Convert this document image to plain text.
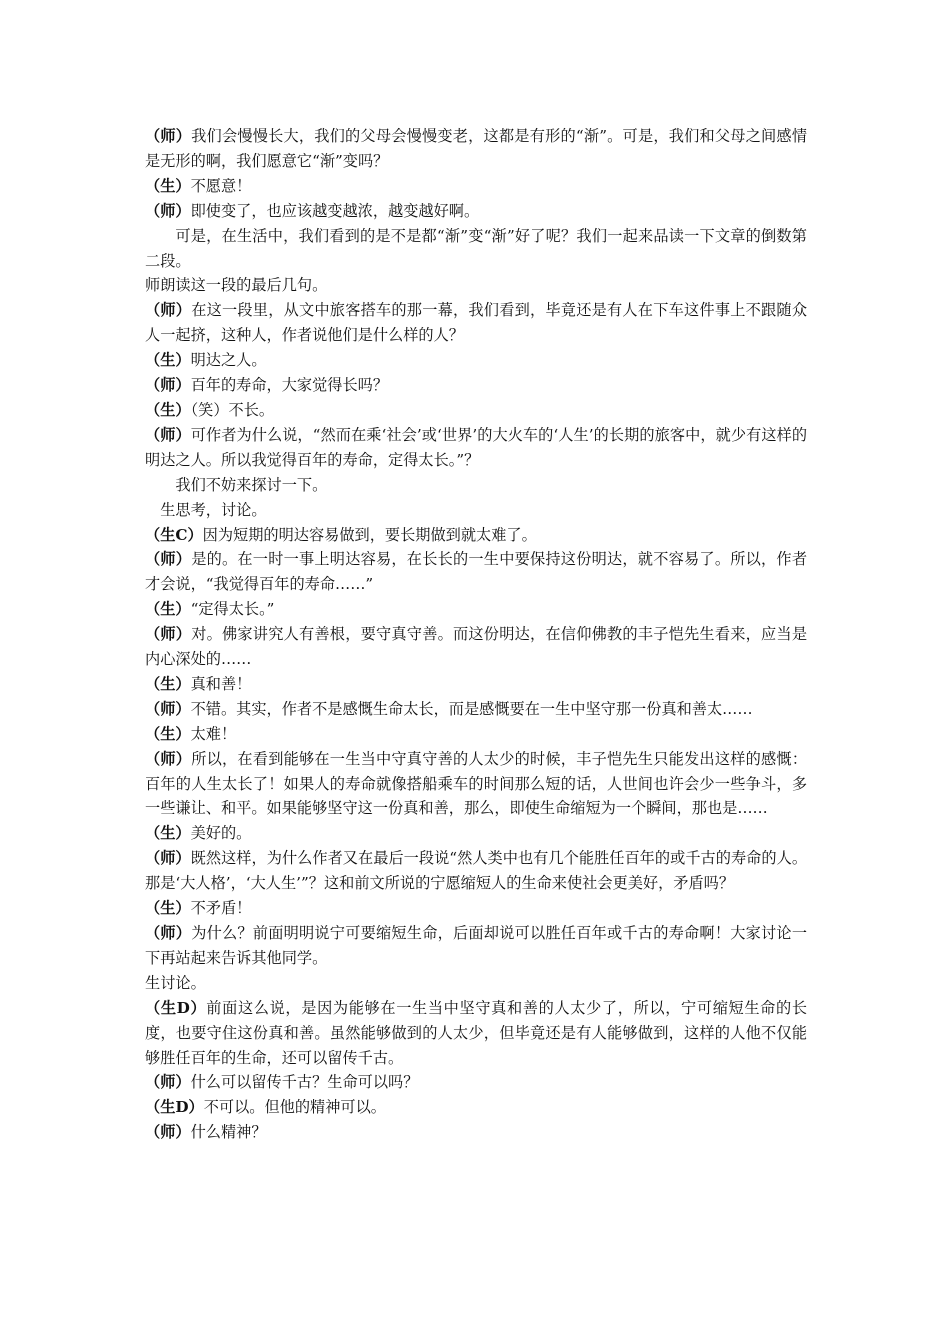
（师）我们会慢慢长大，我们的父母会慢慢变老，这都是有形的“渐”。可是，我们和父母之间感情是无形的啊，我们愿意它“渐”变吗？

（生）不愿意！

（师）即使变了，也应该越变越浓，越变越好啊。

可是，在生活中，我们看到的是不是都“渐”变“渐”好了呢？我们一起来品读一下文章的倒数第二段。

师朗读这一段的最后几句。

（师）在这一段里，从文中旅客搭车的那一幕，我们看到，毕竟还是有人在下车这件事上不跟随众人一起挤，这种人，作者说他们是什么样的人？

（生）明达之人。

（师）百年的寿命，大家觉得长吗？

（生）（笑）不长。

（师）可作者为什么说，“然而在乘‘社会’或‘世界’的大火车的‘人生’的长期的旅客中，就少有这样的明达之人。所以我觉得百年的寿命，定得太长。”？

我们不妨来探讨一下。

生思考，讨论。

（生C）因为短期的明达容易做到，要长期做到就太难了。

（师）是的。在一时一事上明达容易，在长长的一生中要保持这份明达，就不容易了。所以，作者才会说，“我觉得百年的寿命……”

（生）“定得太长。”

（师）对。佛家讲究人有善根，要守真守善。而这份明达，在信仰佛教的丰子恺先生看来，应当是内心深处的……

（生）真和善！

（师）不错。其实，作者不是感慨生命太长，而是感慨要在一生中坚守那一份真和善太……

（生）太难！

（师）所以，在看到能够在一生当中守真守善的人太少的时候，丰子恺先生只能发出这样的感慨：百年的人生太长了！如果人的寿命就像搭船乘车的时间那么短的话，人世间也许会少一些争斗，多一些谦让、和平。如果能够坚守这一份真和善，那么，即使生命缩短为一个瞬间，那也是……

（生）美好的。

（师）既然这样，为什么作者又在最后一段说“然人类中也有几个能胜任百年的或千古的寿命的人。那是‘大人格’，‘大人生’”？这和前文所说的宁愿缩短人的生命来使社会更美好，矛盾吗？

（生）不矛盾！

（师）为什么？前面明明说宁可要缩短生命，后面却说可以胜任百年或千古的寿命啊！大家讨论一下再站起来告诉其他同学。

生讨论。

（生D）前面这么说，是因为能够在一生当中坚守真和善的人太少了，所以，宁可缩短生命的长度，也要守住这份真和善。虽然能够做到的人太少，但毕竟还是有人能够做到，这样的人他不仅能够胜任百年的生命，还可以留传千古。

（师）什么可以留传千古？生命可以吗？

（生D）不可以。但他的精神可以。

（师）什么精神？
